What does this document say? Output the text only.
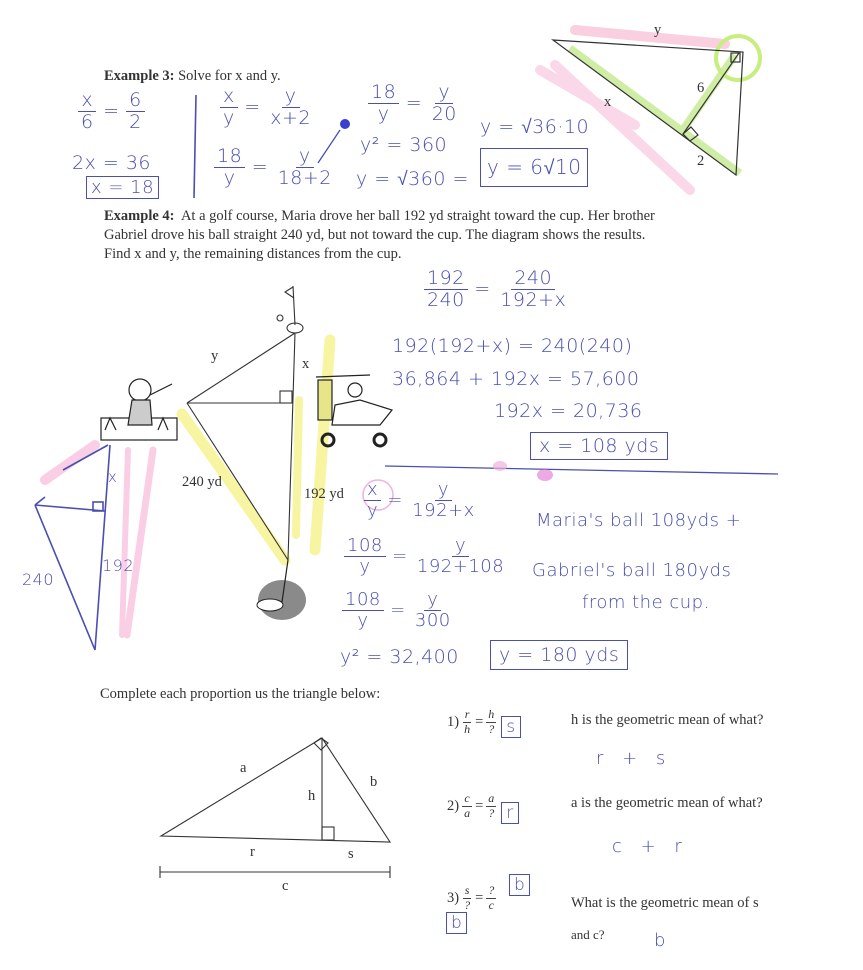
Example 3: Solve for x and y.
$\frac{x}{6} = \frac{6}{2}$
2x = 36
x = 18
$\frac{x}{y} = \frac{y}{x+2}$
$\frac{18}{y} = \frac{y}{18+2}$
$\frac{18}{y} = \frac{y}{20}$
y² = 360
y = √360 =
y = √36·10
y = 6√10
y
x
6
2
Example 4: At a golf course, Maria drove her ball 192 yd straight toward the cup. Her brother
Gabriel drove his ball straight 240 yd, but not toward the cup. The diagram shows the results.
Find x and y, the remaining distances from the cup.
y	x
240 yd
192 yd
x
240
192
$\frac{192}{240} = \frac{240}{192+x}$
192(192+x) = 240(240)
36,864 + 192x = 57,600
192x = 20,736
x = 108 yds
$\frac{x}{y} = \frac{y}{192+x}$
$\frac{108}{y} = \frac{y}{192+108}$
$\frac{108}{y} = \frac{y}{300}$
y² = 32,400	y = 180 yds
Maria's ball 108yds +
Gabriel's ball 180yds
from the cup.
Complete each proportion us the triangle below:
a
b
h
r	s
c
$1) \frac{r}{h} = \frac{h}{?}$ s	h is the geometric mean of what?
r + s
$2) \frac{c}{a} = \frac{a}{?}$ r	a is the geometric mean of what?
c + r
$3) \frac{s}{?} = \frac{?}{c}$ b
b
What is the geometric mean of s
and c?	b
